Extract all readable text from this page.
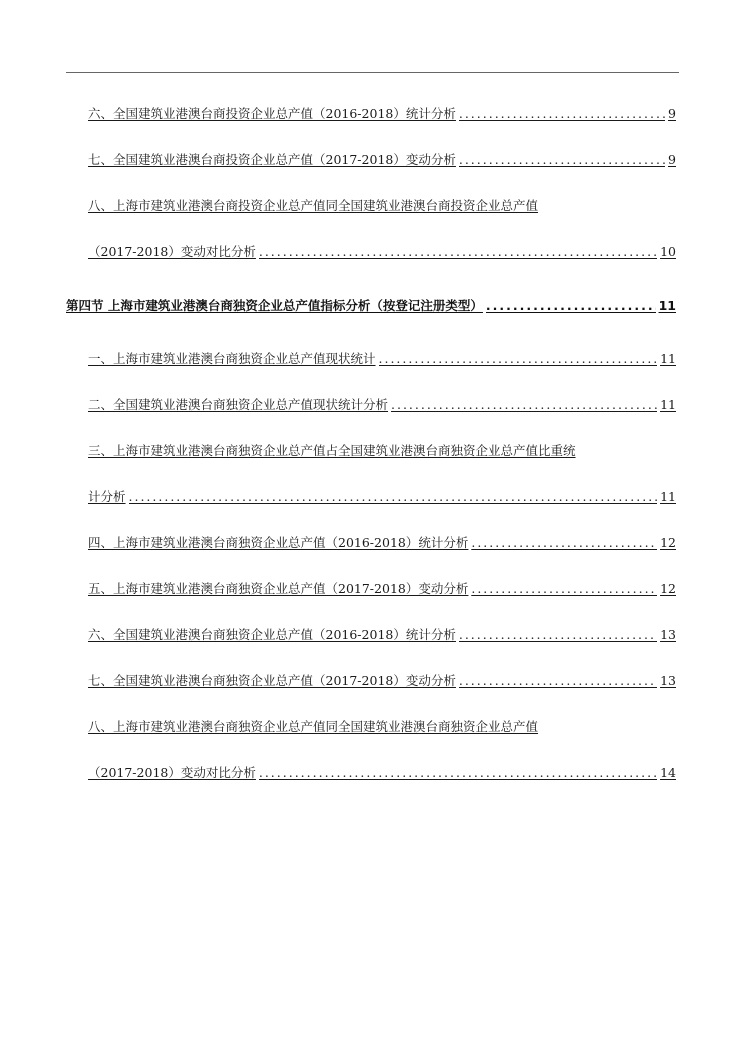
六、全国建筑业港澳台商投资企业总产值（2016-2018）统计分析 .....	9
七、全国建筑业港澳台商投资企业总产值（2017-2018）变动分析 .....	9
八、上海市建筑业港澳台商投资企业总产值同全国建筑业港澳台商投资企业总产值
（2017-2018）变动对比分析 .....	10
第四节 上海市建筑业港澳台商独资企业总产值指标分析（按登记注册类型） .....	11
一、上海市建筑业港澳台商独资企业总产值现状统计 .....	11
二、全国建筑业港澳台商独资企业总产值现状统计分析 .....	11
三、上海市建筑业港澳台商独资企业总产值占全国建筑业港澳台商独资企业总产值比重统
计分析 .....	11
四、上海市建筑业港澳台商独资企业总产值（2016-2018）统计分析 .....	12
五、上海市建筑业港澳台商独资企业总产值（2017-2018）变动分析 .....	12
六、全国建筑业港澳台商独资企业总产值（2016-2018）统计分析 .....	13
七、全国建筑业港澳台商独资企业总产值（2017-2018）变动分析 .....	13
八、上海市建筑业港澳台商独资企业总产值同全国建筑业港澳台商独资企业总产值
（2017-2018）变动对比分析 .....	14
